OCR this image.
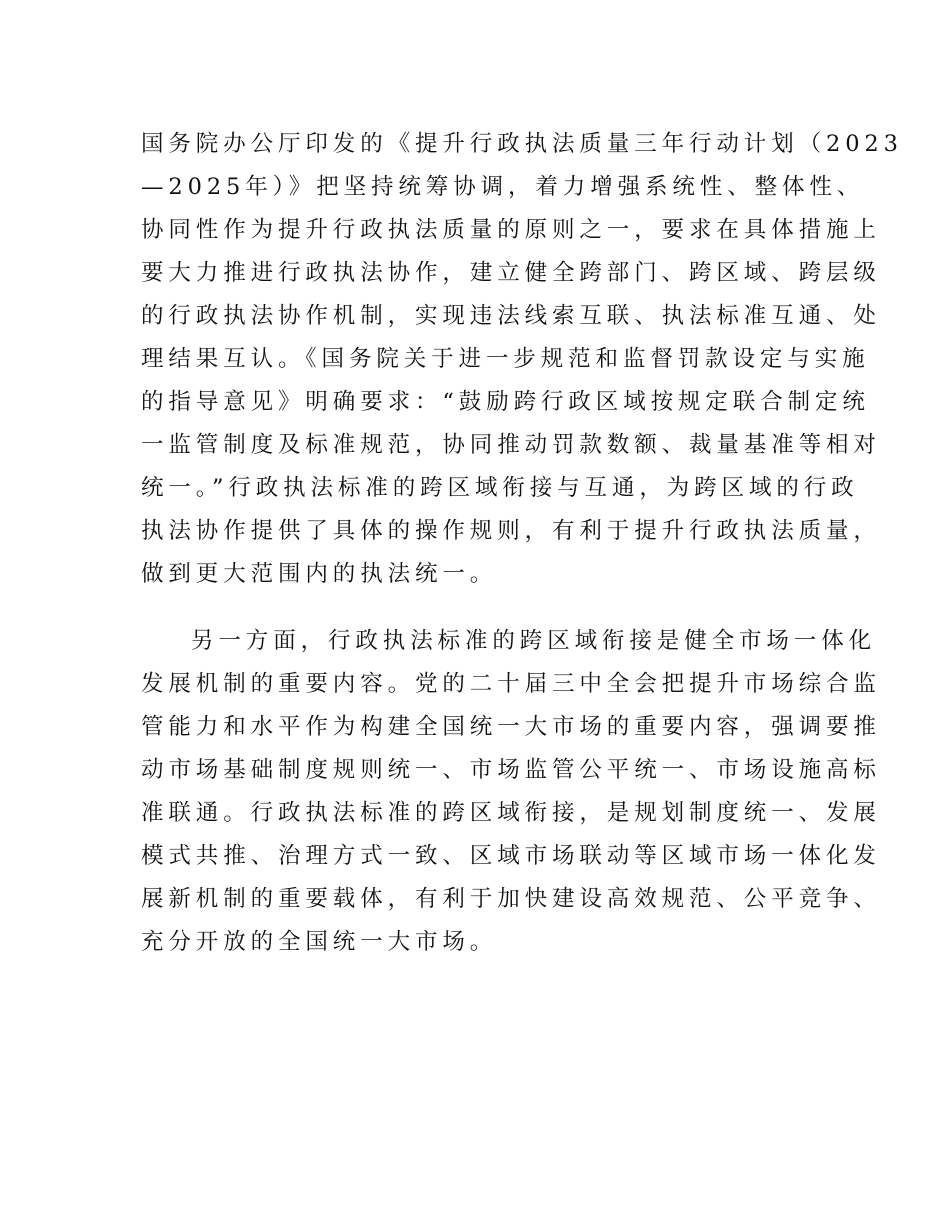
国务院办公厅印发的《提升行政执法质量三年行动计划（2023
—2025年）》把坚持统筹协调，着力增强系统性、整体性、
协同性作为提升行政执法质量的原则之一，要求在具体措施上
要大力推进行政执法协作，建立健全跨部门、跨区域、跨层级
的行政执法协作机制，实现违法线索互联、执法标准互通、处
理结果互认。《国务院关于进一步规范和监督罚款设定与实施
的指导意见》明确要求：“鼓励跨行政区域按规定联合制定统
一监管制度及标准规范，协同推动罚款数额、裁量基准等相对
统一。”行政执法标准的跨区域衔接与互通，为跨区域的行政
执法协作提供了具体的操作规则，有利于提升行政执法质量，
做到更大范围内的执法统一。
另一方面，行政执法标准的跨区域衔接是健全市场一体化
发展机制的重要内容。党的二十届三中全会把提升市场综合监
管能力和水平作为构建全国统一大市场的重要内容，强调要推
动市场基础制度规则统一、市场监管公平统一、市场设施高标
准联通。行政执法标准的跨区域衔接，是规划制度统一、发展
模式共推、治理方式一致、区域市场联动等区域市场一体化发
展新机制的重要载体，有利于加快建设高效规范、公平竞争、
充分开放的全国统一大市场。
